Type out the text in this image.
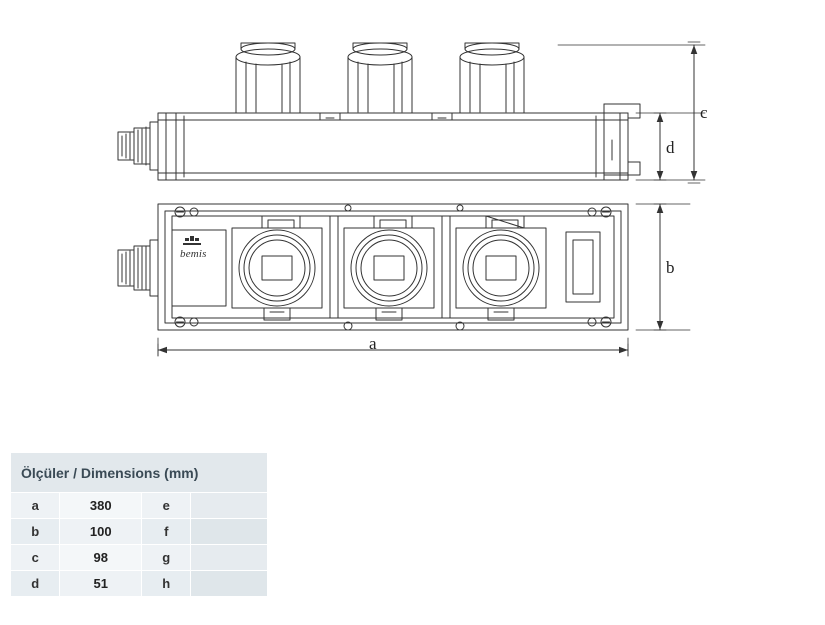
c
d
b
a
bemis
Ölçüler / Dimensions (mm)			
a	380	e	
b	100	f	
c	98	g	
d	51	h	
